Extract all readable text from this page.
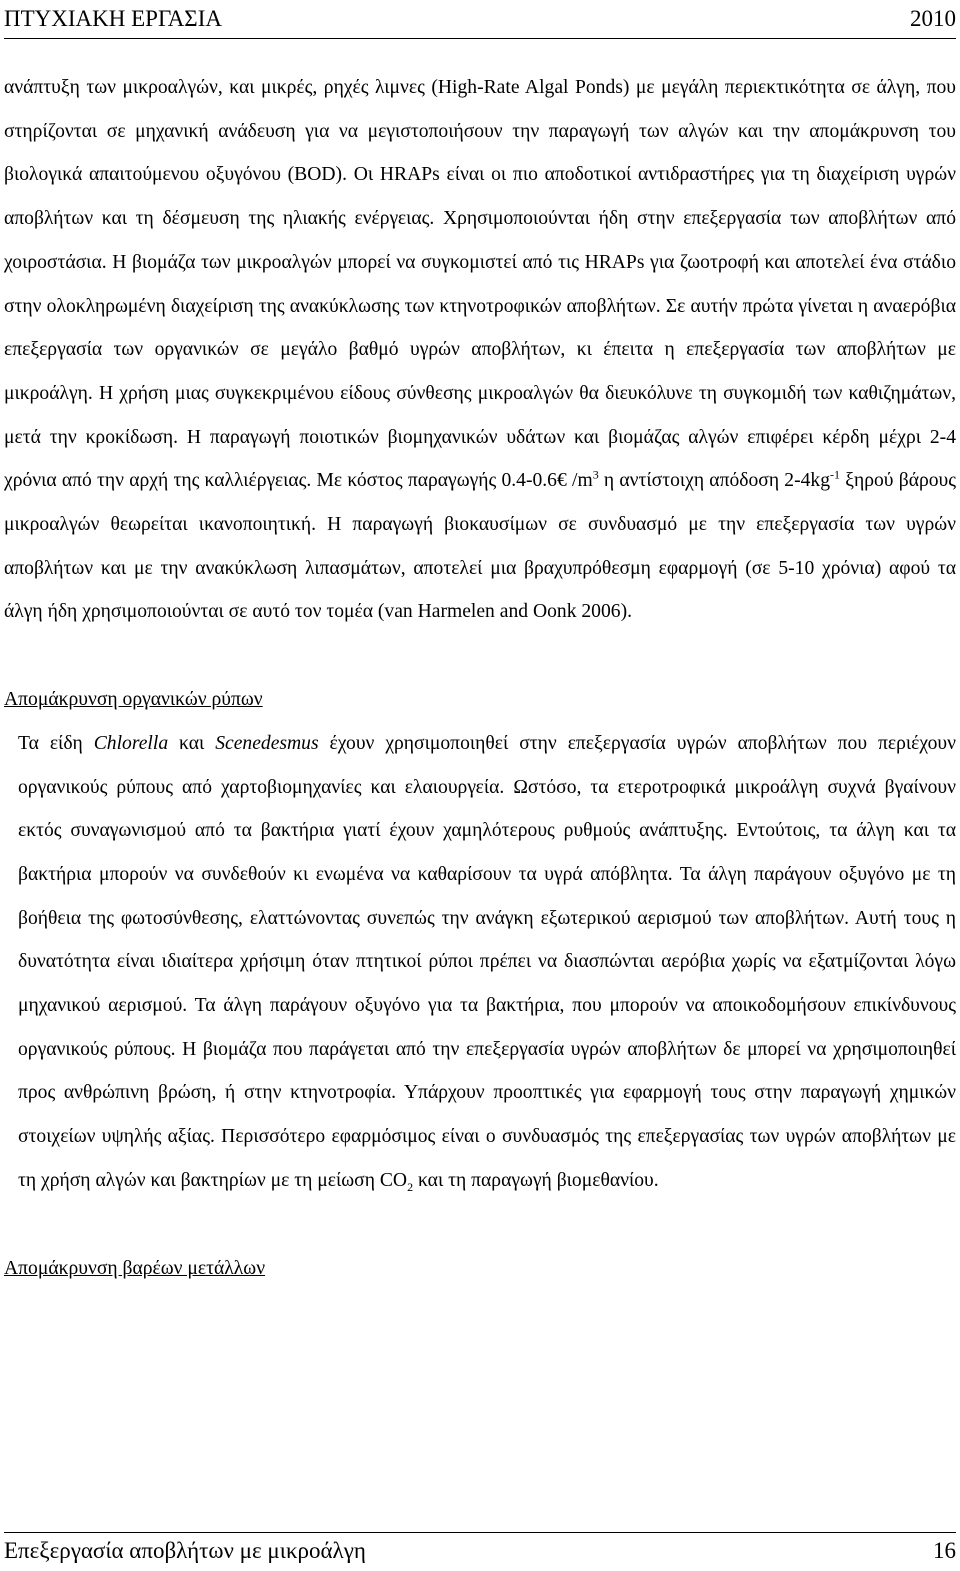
ΠΤΥΧΙΑΚΗ ΕΡΓΑΣΙΑ	2010

ανάπτυξη των μικροαλγών, και μικρές, ρηχές λιμνες (High-Rate Algal Ponds) με μεγάλη περιεκτικότητα σε άλγη, που στηρίζονται σε μηχανική ανάδευση για να μεγιστοποιήσουν την παραγωγή των αλγών και την απομάκρυνση του βιολογικά απαιτούμενου οξυγόνου (BOD). Οι HRAPs είναι οι πιο αποδοτικοί αντιδραστήρες για τη διαχείριση υγρών αποβλήτων και τη δέσμευση της ηλιακής ενέργειας. Χρησιμοποιούνται ήδη στην επεξεργασία των αποβλήτων από χοιροστάσια. Η βιομάζα των μικροαλγών μπορεί να συγκομιστεί από τις HRAPs για ζωοτροφή και αποτελεί ένα στάδιο στην ολοκληρωμένη διαχείριση της ανακύκλωσης των κτηνοτροφικών αποβλήτων. Σε αυτήν πρώτα γίνεται η αναερόβια επεξεργασία των οργανικών σε μεγάλο βαθμό υγρών αποβλήτων, κι έπειτα η επεξεργασία των αποβλήτων με μικροάλγη. Η χρήση μιας συγκεκριμένου είδους σύνθεσης μικροαλγών θα διευκόλυνε τη συγκομιδή των καθιζημάτων, μετά την κροκίδωση. Η παραγωγή ποιοτικών βιομηχανικών υδάτων και βιομάζας αλγών επιφέρει κέρδη μέχρι 2-4 χρόνια από την αρχή της καλλιέργειας. Με κόστος παραγωγής 0.4-0.6€ $/m^3$ η αντίστοιχη απόδοση $2-4kg^{-1}$ ξηρού βάρους μικροαλγών θεωρείται ικανοποιητική. Η παραγωγή βιοκαυσίμων σε συνδυασμό με την επεξεργασία των υγρών αποβλήτων και με την ανακύκλωση λιπασμάτων, αποτελεί μια βραχυπρόθεσμη εφαρμογή (σε 5-10 χρόνια) αφού τα άλγη ήδη χρησιμοποιούνται σε αυτό τον τομέα (van Harmelen and Oonk 2006).

Απομάκρυνση οργανικών ρύπων

Τα είδη Chlorella και Scenedesmus έχουν χρησιμοποιηθεί στην επεξεργασία υγρών αποβλήτων που περιέχουν οργανικούς ρύπους από χαρτοβιομηχανίες και ελαιουργεία. Ωστόσο, τα ετεροτροφικά μικροάλγη συχνά βγαίνουν εκτός συναγωνισμού από τα βακτήρια γιατί έχουν χαμηλότερους ρυθμούς ανάπτυξης. Εντούτοις, τα άλγη και τα βακτήρια μπορούν να συνδεθούν κι ενωμένα να καθαρίσουν τα υγρά απόβλητα. Τα άλγη παράγουν οξυγόνο με τη βοήθεια της φωτοσύνθεσης, ελαττώνοντας συνεπώς την ανάγκη εξωτερικού αερισμού των αποβλήτων. Αυτή τους η δυνατότητα είναι ιδιαίτερα χρήσιμη όταν πτητικοί ρύποι πρέπει να διασπώνται αερόβια χωρίς να εξατμίζονται λόγω μηχανικού αερισμού. Τα άλγη παράγουν οξυγόνο για τα βακτήρια, που μπορούν να αποικοδομήσουν επικίνδυνους οργανικούς ρύπους. Η βιομάζα που παράγεται από την επεξεργασία υγρών αποβλήτων δε μπορεί να χρησιμοποιηθεί προς ανθρώπινη βρώση, ή στην κτηνοτροφία. Υπάρχουν προοπτικές για εφαρμογή τους στην παραγωγή χημικών στοιχείων υψηλής αξίας. Περισσότερο εφαρμόσιμος είναι ο συνδυασμός της επεξεργασίας των υγρών αποβλήτων με τη χρήση αλγών και βακτηρίων με τη μείωση $CO_2$ και τη παραγωγή βιομεθανίου.

Απομάκρυνση βαρέων μετάλλων
Επεξεργασία αποβλήτων με μικροάλγη	16
